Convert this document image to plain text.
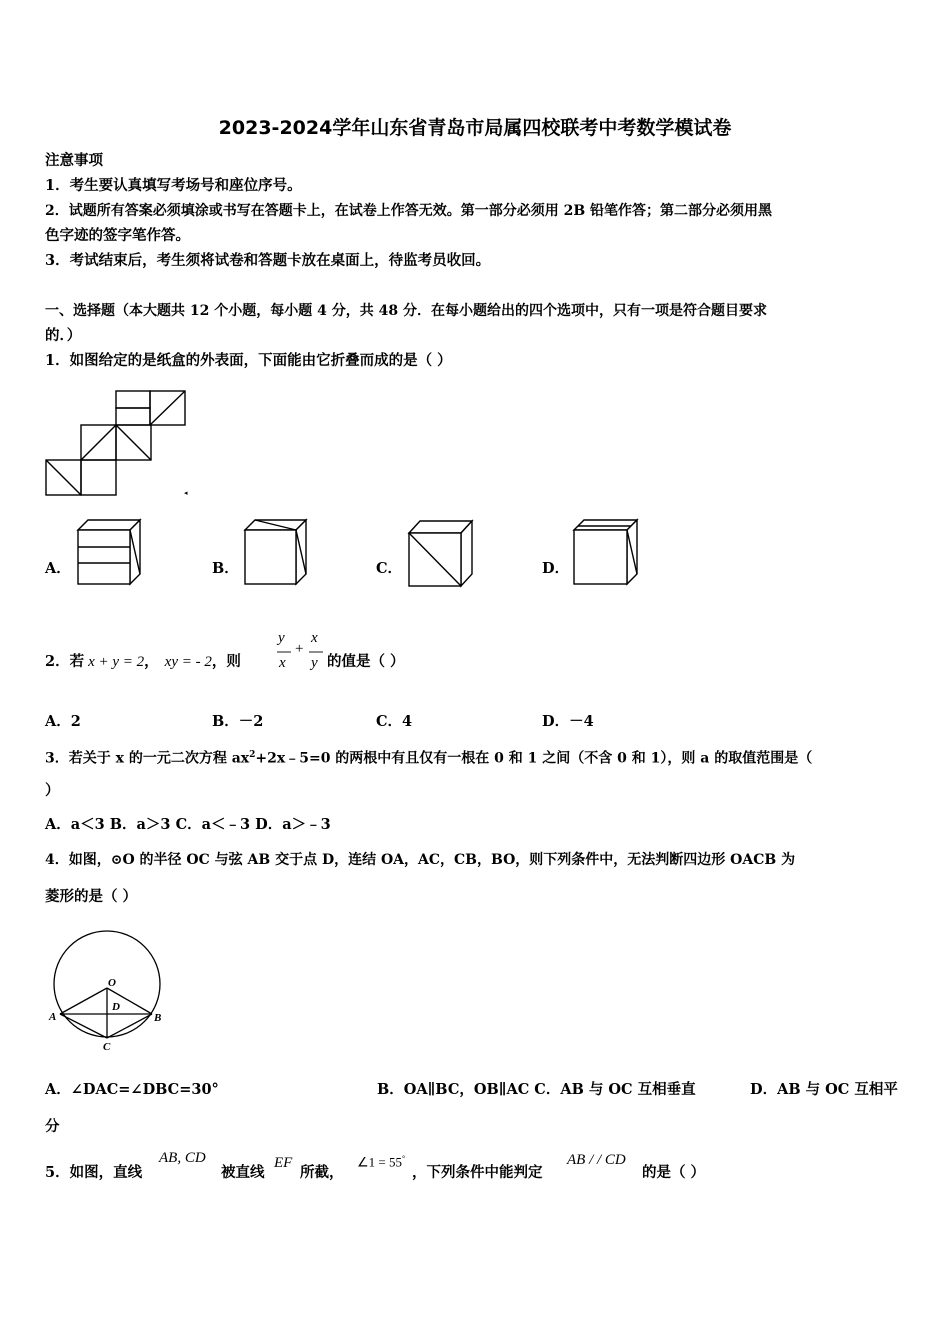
2023-2024学年山东省青岛市局属四校联考中考数学模试卷
注意事项
1．考生要认真填写考场号和座位序号。
2．试题所有答案必须填涂或书写在答题卡上，在试卷上作答无效。第一部分必须用 2B 铅笔作答；第二部分必须用黑
色字迹的签字笔作答。
3．考试结束后，考生须将试卷和答题卡放在桌面上，待监考员收回。
一、选择题（本大题共 12 个小题，每小题 4 分，共 48 分．在每小题给出的四个选项中，只有一项是符合题目要求
的．）
1．如图给定的是纸盒的外表面，下面能由它折叠而成的是（ ）
◂
A．	B．	C．	D．
2．若 x + y = 2， xy = - 2，则
y
x
+
x
y 的值是（ ）
A．2	B．－2	C．4	D．－4
3．若关于 x 的一元二次方程 $ax^2+2x﹣5=0$ 的两根中有且仅有一根在 0 和 1 之间（不含 0 和 1），则 a 的取值范围是（
）
A．a＜3 B．a＞3 C．a＜﹣3 D．a＞﹣3
4．如图，⊙O 的半径 OC 与弦 AB 交于点 D，连结 OA，AC，CB，BO，则下列条件中，无法判断四边形 OACB 为
菱形的是（ ）
O
D
A	B
C
A．∠DAC=∠DBC=30°	B．OA∥BC，OB∥AC C．AB 与 OC 互相垂直	D．AB 与 OC 互相平
分
5．如图，直线
AB, CD
被直线
EF
所截，
∠1 = 55°
，下列条件中能判定
AB / / CD
的是（ ）
